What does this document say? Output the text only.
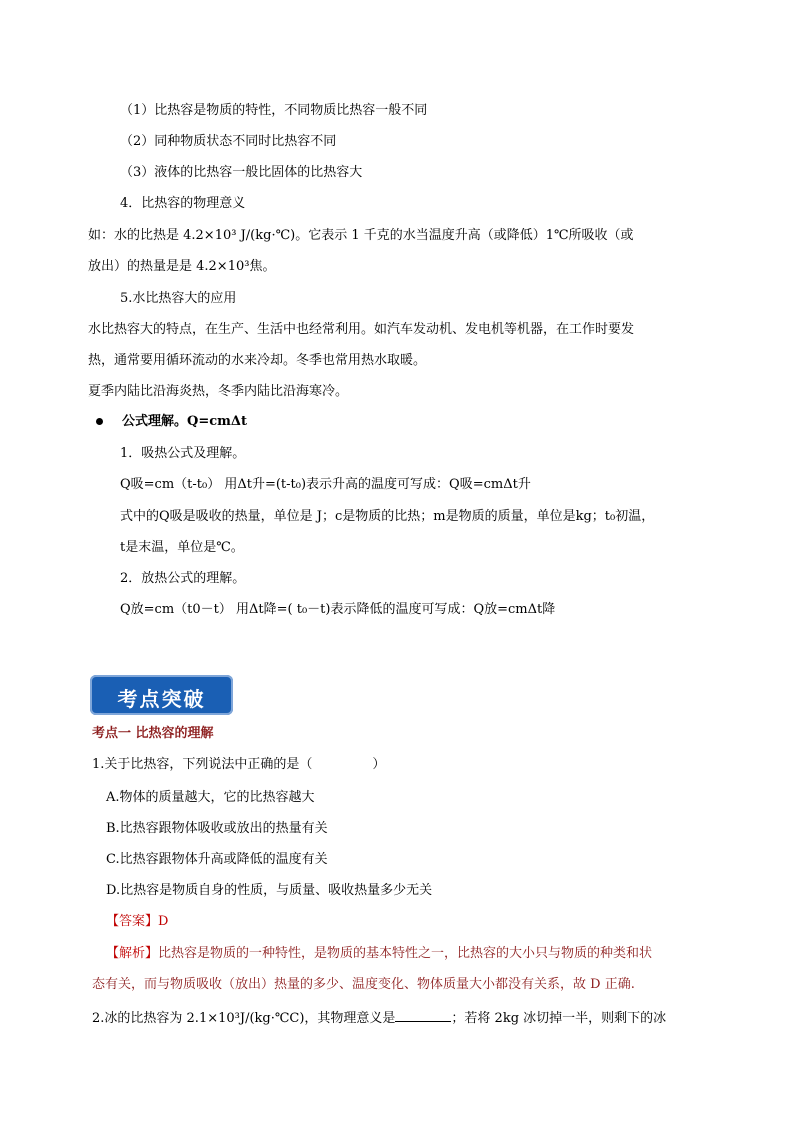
（1）比热容是物质的特性，不同物质比热容一般不同
（2）同种物质状态不同时比热容不同
（3）液体的比热容一般比固体的比热容大
4．比热容的物理意义
如：水的比热是 4.2×10³ J/(kg·℃)。它表示 1 千克的水当温度升高（或降低）1℃所吸收（或
放出）的热量是是 4.2×10³焦。
5.水比热容大的应用
水比热容大的特点，在生产、生活中也经常利用。如汽车发动机、发电机等机器，在工作时要发
热，通常要用循环流动的水来冷却。冬季也常用热水取暖。
夏季内陆比沿海炎热，冬季内陆比沿海寒冷。
公式理解。Q=cmΔt
1．吸热公式及理解。
Q吸=cm（t-t₀） 用Δt升=(t-t₀)表示升高的温度可写成：Q吸=cmΔt升
式中的Q吸是吸收的热量，单位是 J；c是物质的比热；m是物质的质量，单位是kg；t₀初温，
t是末温，单位是℃。
2．放热公式的理解。
Q放=cm（t0－t） 用Δt降=( t₀－t)表示降低的温度可写成：Q放=cmΔt降
考点突破
考点一 比热容的理解
1.关于比热容，下列说法中正确的是（	）
A.物体的质量越大，它的比热容越大
B.比热容跟物体吸收或放出的热量有关
C.比热容跟物体升高或降低的温度有关
D.比热容是物质自身的性质，与质量、吸收热量多少无关
【答案】D
【解析】比热容是物质的一种特性，是物质的基本特性之一，比热容的大小只与物质的种类和状
态有关，而与物质吸收（放出）热量的多少、温度变化、物体质量大小都没有关系，故 D 正确.
2.冰的比热容为 2.1×10³J/(kg·℃C)，其物理意义是	；若将 2kg 冰切掉一半，则剩下的冰
